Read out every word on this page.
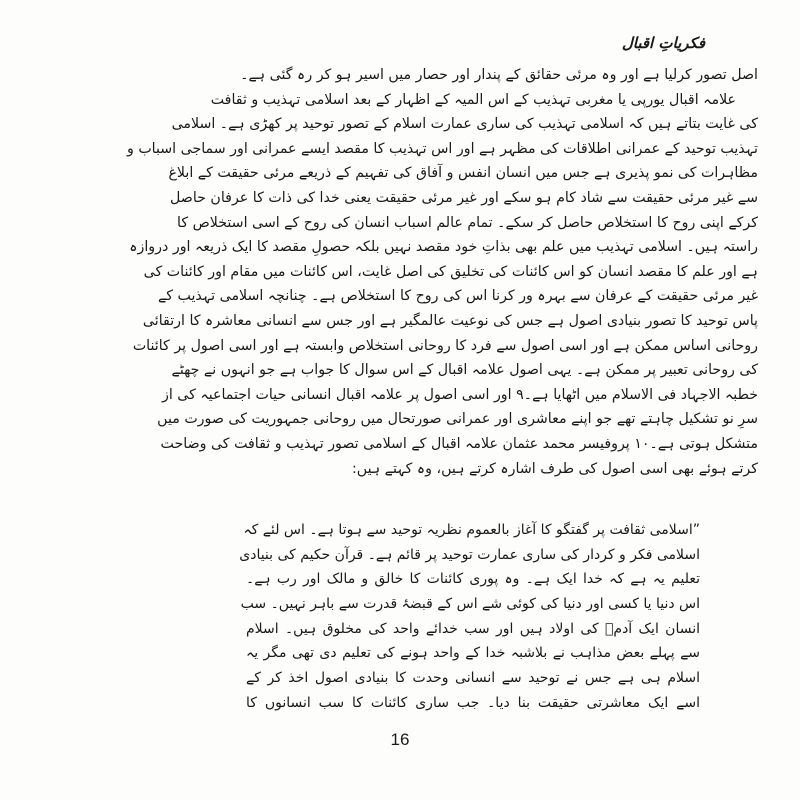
فکریاتِ اقبال
اصل تصور کرلیا ہے اور وہ مرئی حقائق کے پندار اور حصار میں اسیر ہو کر رہ گئی ہے۔
علامہ اقبال یورپی یا مغربی تہذیب کے اس المیہ کے اظہار کے بعد اسلامی تہذیب و ثقافت
کی غایت بتاتے ہیں کہ اسلامی تہذیب کی ساری عمارت اسلام کے تصور توحید پر کھڑی ہے۔ اسلامی
تہذیب توحید کے عمرانی اطلاقات کی مظہر ہے اور اس تہذیب کا مقصد ایسے عمرانی اور سماجی اسباب و
مظاہرات کی نمو پذیری ہے جس میں انسان انفس و آفاق کی تفہیم کے ذریعے مرئی حقیقت کے ابلاغ
سے غیر مرئی حقیقت سے شاد کام ہو سکے اور غیر مرئی حقیقت یعنی خدا کی ذات کا عرفان حاصل
کرکے اپنی روح کا استخلاص حاصل کر سکے۔ تمام عالم اسباب انسان کی روح کے اسی استخلاص کا
راستہ ہیں۔ اسلامی تہذیب میں علم بھی بذاتِ خود مقصد نہیں بلکہ حصولِ مقصد کا ایک ذریعہ اور دروازہ
ہے اور علم کا مقصد انسان کو اس کائنات کی تخلیق کی اصل غایت، اس کائنات میں مقام اور کائنات کی
غیر مرئی حقیقت کے عرفان سے بہرہ ور کرنا اس کی روح کا استخلاص ہے۔ چنانچہ اسلامی تہذیب کے
پاس توحید کا تصور بنیادی اصول ہے جس کی نوعیت عالمگیر ہے اور جس سے انسانی معاشرہ کا ارتقائی
روحانی اساس ممکن ہے اور اسی اصول سے فرد کا روحانی استخلاص وابستہ ہے اور اسی اصول پر کائنات
کی روحانی تعبیر پر ممکن ہے۔ یہی اصول علامہ اقبال کے اس سوال کا جواب ہے جو انہوں نے چھٹے
خطبہ الاجہاد فی الاسلام میں اٹھایا ہے۔۹ اور اسی اصول پر علامہ اقبال انسانی حیات اجتماعیہ کی از
سرِ نو تشکیل چاہتے تھے جو اپنے معاشری اور عمرانی صورتحال میں روحانی جمہوریت کی صورت میں
متشکل ہوتی ہے۔۱۰ پروفیسر محمد عثمان علامہ اقبال کے اسلامی تصور تہذیب و ثقافت کی وضاحت
کرتے ہوئے بھی اسی اصول کی طرف اشارہ کرتے ہیں، وہ کہتے ہیں:
”اسلامی ثقافت پر گفتگو کا آغاز بالعموم نظریہ توحید سے ہوتا ہے۔ اس لئے کہ
اسلامی فکر و کردار کی ساری عمارت توحید پر قائم ہے۔ قرآن حکیم کی بنیادی
تعلیم یہ ہے کہ خدا ایک ہے۔ وہ پوری کائنات کا خالق و مالک اور رب ہے۔
اس دنیا یا کسی اور دنیا کی کوئی شے اس کے قبضۂ قدرت سے باہر نہیں۔ سب
انسان ایک آدمؑ کی اولاد ہیں اور سب خدائے واحد کی مخلوق ہیں۔ اسلام
سے پہلے بعض مذاہب نے بلاشبہ خدا کے واحد ہونے کی تعلیم دی تھی مگر یہ
اسلام ہی ہے جس نے توحید سے انسانی وحدت کا بنیادی اصول اخذ کر کے
اسے ایک معاشرتی حقیقت بنا دیا۔ جب ساری کائنات کا سب انسانوں کا
16
